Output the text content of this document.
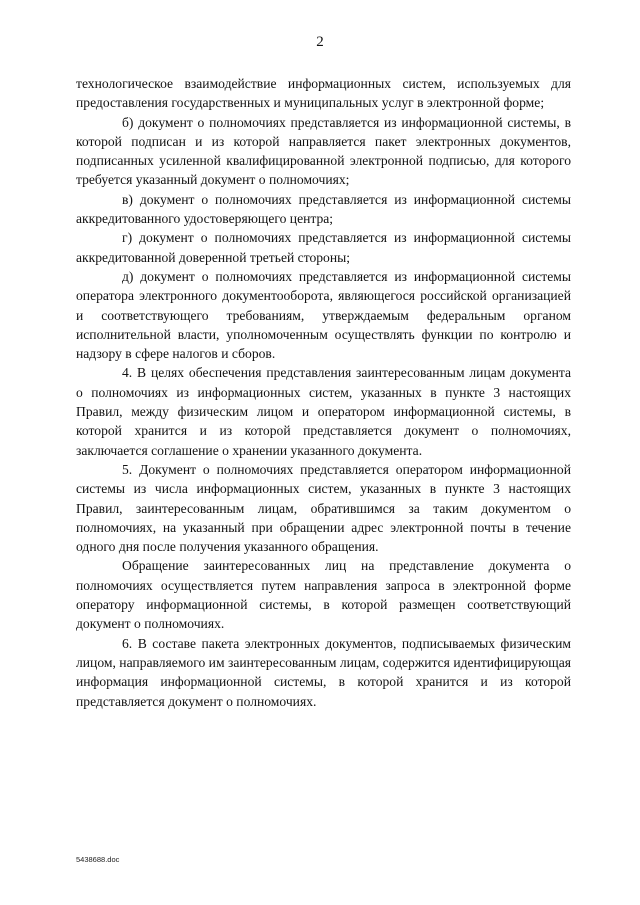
2

технологическое взаимодействие информационных систем, используемых для предоставления государственных и муниципальных услуг в электронной форме;

б) документ о полномочиях представляется из информационной системы, в которой подписан и из которой направляется пакет электронных документов, подписанных усиленной квалифицированной электронной подписью, для которого требуется указанный документ о полномочиях;

в) документ о полномочиях представляется из информационной системы аккредитованного удостоверяющего центра;

г) документ о полномочиях представляется из информационной системы аккредитованной доверенной третьей стороны;

д) документ о полномочиях представляется из информационной системы оператора электронного документооборота, являющегося российской организацией и соответствующего требованиям, утверждаемым федеральным органом исполнительной власти, уполномоченным осуществлять функции по контролю и надзору в сфере налогов и сборов.

4. В целях обеспечения представления заинтересованным лицам документа о полномочиях из информационных систем, указанных в пункте 3 настоящих Правил, между физическим лицом и оператором информационной системы, в которой хранится и из которой представляется документ о полномочиях, заключается соглашение о хранении указанного документа.

5. Документ о полномочиях представляется оператором информационной системы из числа информационных систем, указанных в пункте 3 настоящих Правил, заинтересованным лицам, обратившимся за таким документом о полномочиях, на указанный при обращении адрес электронной почты в течение одного дня после получения указанного обращения.

Обращение заинтересованных лиц на представление документа о полномочиях осуществляется путем направления запроса в электронной форме оператору информационной системы, в которой размещен соответствующий документ о полномочиях.

6. В составе пакета электронных документов, подписываемых физическим лицом, направляемого им заинтересованным лицам, содержится идентифицирующая информация информационной системы, в которой хранится и из которой представляется документ о полномочиях.

5438688.doc
